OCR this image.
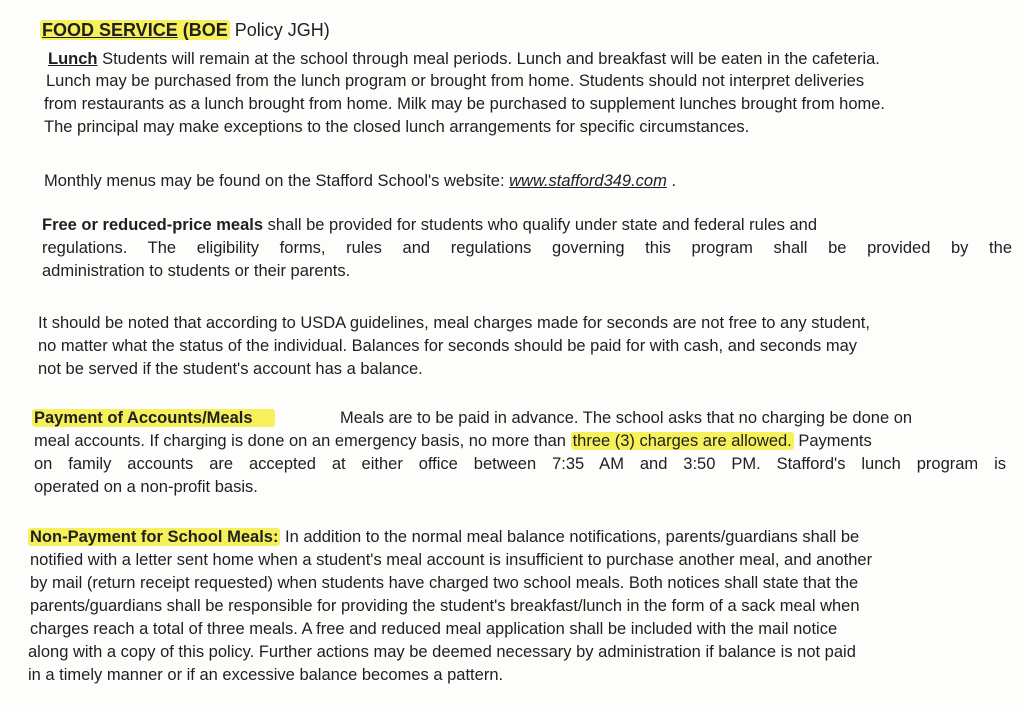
FOOD SERVICE (BOE Policy JGH)
Lunch Students will remain at the school through meal periods. Lunch and breakfast will be eaten in the cafeteria.
Lunch may be purchased from the lunch program or brought from home. Students should not interpret deliveries
from restaurants as a lunch brought from home. Milk may be purchased to supplement lunches brought from home.
The principal may make exceptions to the closed lunch arrangements for specific circumstances.
Monthly menus may be found on the Stafford School's website: www.stafford349.com .
Free or reduced-price meals shall be provided for students who qualify under state and federal rules and
regulations. The eligibility forms, rules and regulations governing this program shall be provided by the
administration to students or their parents.
It should be noted that according to USDA guidelines, meal charges made for seconds are not free to any student,
no matter what the status of the individual. Balances for seconds should be paid for with cash, and seconds may
not be served if the student's account has a balance.
Payment of Accounts/Meals	Meals are to be paid in advance. The school asks that no charging be done on
meal accounts. If charging is done on an emergency basis, no more than three (3) charges are allowed. Payments
on family accounts are accepted at either office between 7:35 AM and 3:50 PM. Stafford's lunch program is
operated on a non-profit basis.
Non-Payment for School Meals: In addition to the normal meal balance notifications, parents/guardians shall be
notified with a letter sent home when a student's meal account is insufficient to purchase another meal, and another
by mail (return receipt requested) when students have charged two school meals. Both notices shall state that the
parents/guardians shall be responsible for providing the student's breakfast/lunch in the form of a sack meal when
charges reach a total of three meals. A free and reduced meal application shall be included with the mail notice
along with a copy of this policy. Further actions may be deemed necessary by administration if balance is not paid
in a timely manner or if an excessive balance becomes a pattern.
